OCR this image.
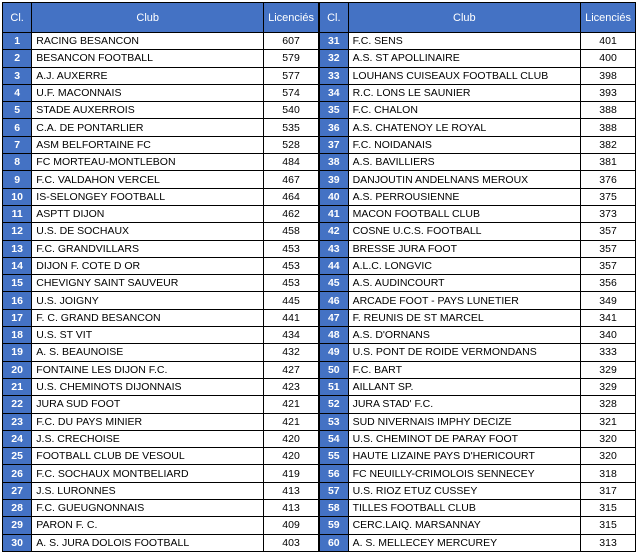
Cl.	Club	Licenciés
1	RACING BESANCON	607
2	BESANCON FOOTBALL	579
3	A.J. AUXERRE	577
4	U.F. MACONNAIS	574
5	STADE AUXERROIS	540
6	C.A. DE PONTARLIER	535
7	ASM BELFORTAINE FC	528
8	FC MORTEAU-MONTLEBON	484
9	F.C. VALDAHON VERCEL	467
10	IS-SELONGEY FOOTBALL	464
11	ASPTT DIJON	462
12	U.S. DE SOCHAUX	458
13	F.C. GRANDVILLARS	453
14	DIJON F. COTE D OR	453
15	CHEVIGNY SAINT SAUVEUR	453
16	U.S. JOIGNY	445
17	F. C. GRAND BESANCON	441
18	U.S. ST VIT	434
19	A. S. BEAUNOISE	432
20	FONTAINE LES DIJON F.C.	427
21	U.S. CHEMINOTS DIJONNAIS	423
22	JURA SUD FOOT	421
23	F.C. DU PAYS MINIER	421
24	J.S. CRECHOISE	420
25	FOOTBALL CLUB DE VESOUL	420
26	F.C. SOCHAUX MONTBELIARD	419
27	J.S. LURONNES	413
28	F.C. GUEUGNONNAIS	413
29	PARON F. C.	409
30	A. S. JURA DOLOIS FOOTBALL	403
Cl.	Club	Licenciés
31	F.C. SENS	401
32	A.S. ST APOLLINAIRE	400
33	LOUHANS CUISEAUX FOOTBALL CLUB	398
34	R.C. LONS LE SAUNIER	393
35	F.C. CHALON	388
36	A.S. CHATENOY LE ROYAL	388
37	F.C. NOIDANAIS	382
38	A.S. BAVILLIERS	381
39	DANJOUTIN ANDELNANS MEROUX	376
40	A.S. PERROUSIENNE	375
41	MACON FOOTBALL CLUB	373
42	COSNE U.C.S. FOOTBALL	357
43	BRESSE JURA FOOT	357
44	A.L.C. LONGVIC	357
45	A.S. AUDINCOURT	356
46	ARCADE FOOT - PAYS LUNETIER	349
47	F. REUNIS DE ST MARCEL	341
48	A.S. D'ORNANS	340
49	U.S. PONT DE ROIDE VERMONDANS	333
50	F.C. BART	329
51	AILLANT SP.	329
52	JURA STAD' F.C.	328
53	SUD NIVERNAIS IMPHY DECIZE	321
54	U.S. CHEMINOT DE PARAY FOOT	320
55	HAUTE LIZAINE PAYS D'HERICOURT	320
56	FC NEUILLY-CRIMOLOIS SENNECEY	318
57	U.S. RIOZ ETUZ CUSSEY	317
58	TILLES FOOTBALL CLUB	315
59	CERC.LAIQ. MARSANNAY	315
60	A. S. MELLECEY MERCUREY	313
